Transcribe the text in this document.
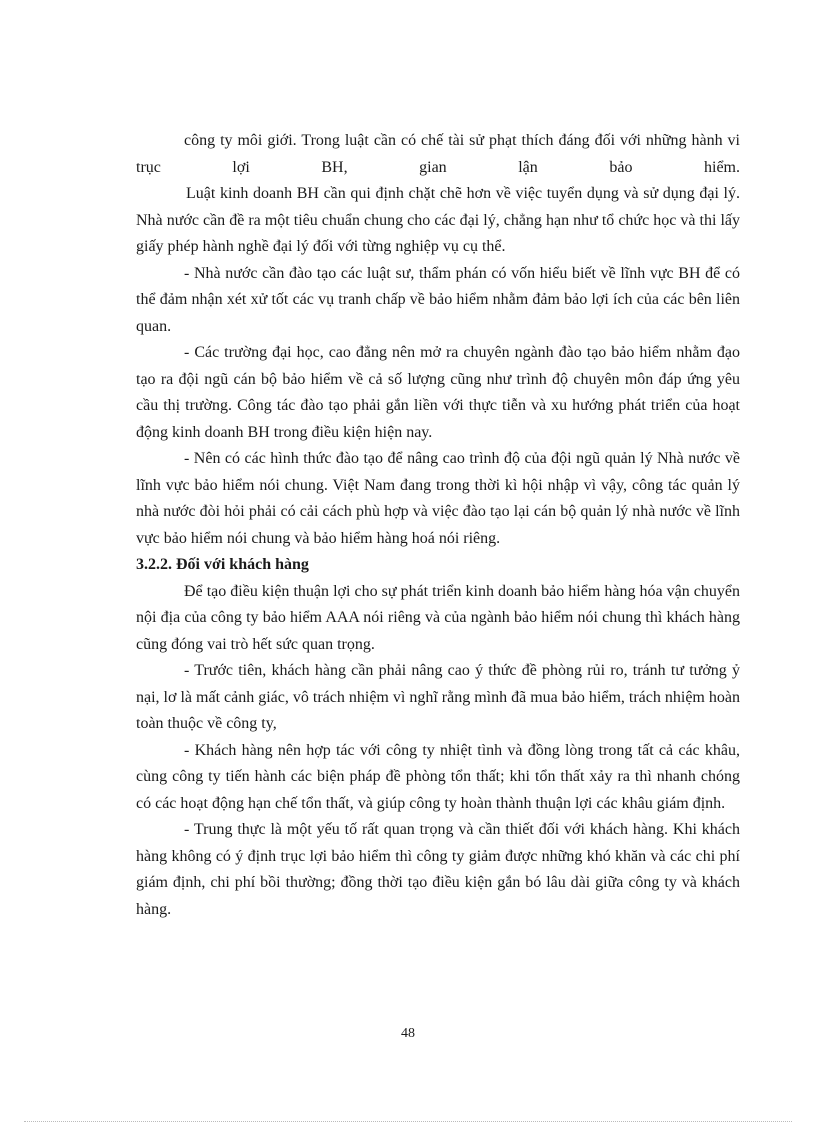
công ty môi giới. Trong luật cần có chế tài sử phạt thích đáng đối với những hành vi trục lợi BH, gian lận bảo hiểm.

Luật kinh doanh BH cần qui định chặt chẽ hơn về việc tuyển dụng và sử dụng đại lý. Nhà nước cần đề ra một tiêu chuẩn chung cho các đại lý, chẳng hạn như tổ chức học và thi lấy giấy phép hành nghề đại lý đối với từng nghiệp vụ cụ thể.

- Nhà nước cần đào tạo các luật sư, thẩm phán có vốn hiểu biết về lĩnh vực BH để có thể đảm nhận xét xử tốt các vụ tranh chấp về bảo hiểm nhằm đảm bảo lợi ích của các bên liên quan.

- Các trường đại học, cao đẳng nên mở ra chuyên ngành đào tạo bảo hiểm nhằm đạo tạo ra đội ngũ cán bộ bảo hiểm về cả số lượng cũng như trình độ chuyên môn đáp ứng yêu cầu thị trường. Công tác đào tạo phải gắn liền với thực tiễn và xu hướng phát triển của hoạt động kinh doanh BH trong điều kiện hiện nay.

- Nên có các hình thức đào tạo để nâng cao trình độ của đội ngũ quản lý Nhà nước về lĩnh vực bảo hiểm nói chung. Việt Nam đang trong thời kì hội nhập vì vậy, công tác quản lý nhà nước đòi hỏi phải có cải cách phù hợp và việc đào tạo lại cán bộ quản lý nhà nước về lĩnh vực bảo hiểm nói chung và bảo hiểm hàng hoá nói riêng.

3.2.2. Đối với khách hàng

Để tạo điều kiện thuận lợi cho sự phát triển kinh doanh bảo hiểm hàng hóa vận chuyển nội địa của công ty bảo hiểm AAA nói riêng và của ngành bảo hiểm nói chung thì khách hàng cũng đóng vai trò hết sức quan trọng.

- Trước tiên, khách hàng cần phải nâng cao ý thức đề phòng rủi ro, tránh tư tưởng ỷ nại, lơ là mất cảnh giác, vô trách nhiệm vì nghĩ rằng mình đã mua bảo hiểm, trách nhiệm hoàn toàn thuộc về công ty,

- Khách hàng nên hợp tác với công ty nhiệt tình và đồng lòng trong tất cả các khâu, cùng công ty tiến hành các biện pháp đề phòng tổn thất; khi tổn thất xảy ra thì nhanh chóng có các hoạt động hạn chế tổn thất, và giúp công ty hoàn thành thuận lợi các khâu giám định.

- Trung thực là một yếu tố rất quan trọng và cần thiết đối với khách hàng. Khi khách hàng không có ý định trục lợi bảo hiểm thì công ty giảm được những khó khăn và các chi phí giám định, chi phí bồi thường; đồng thời tạo điều kiện gắn bó lâu dài giữa công ty và khách hàng.

48
